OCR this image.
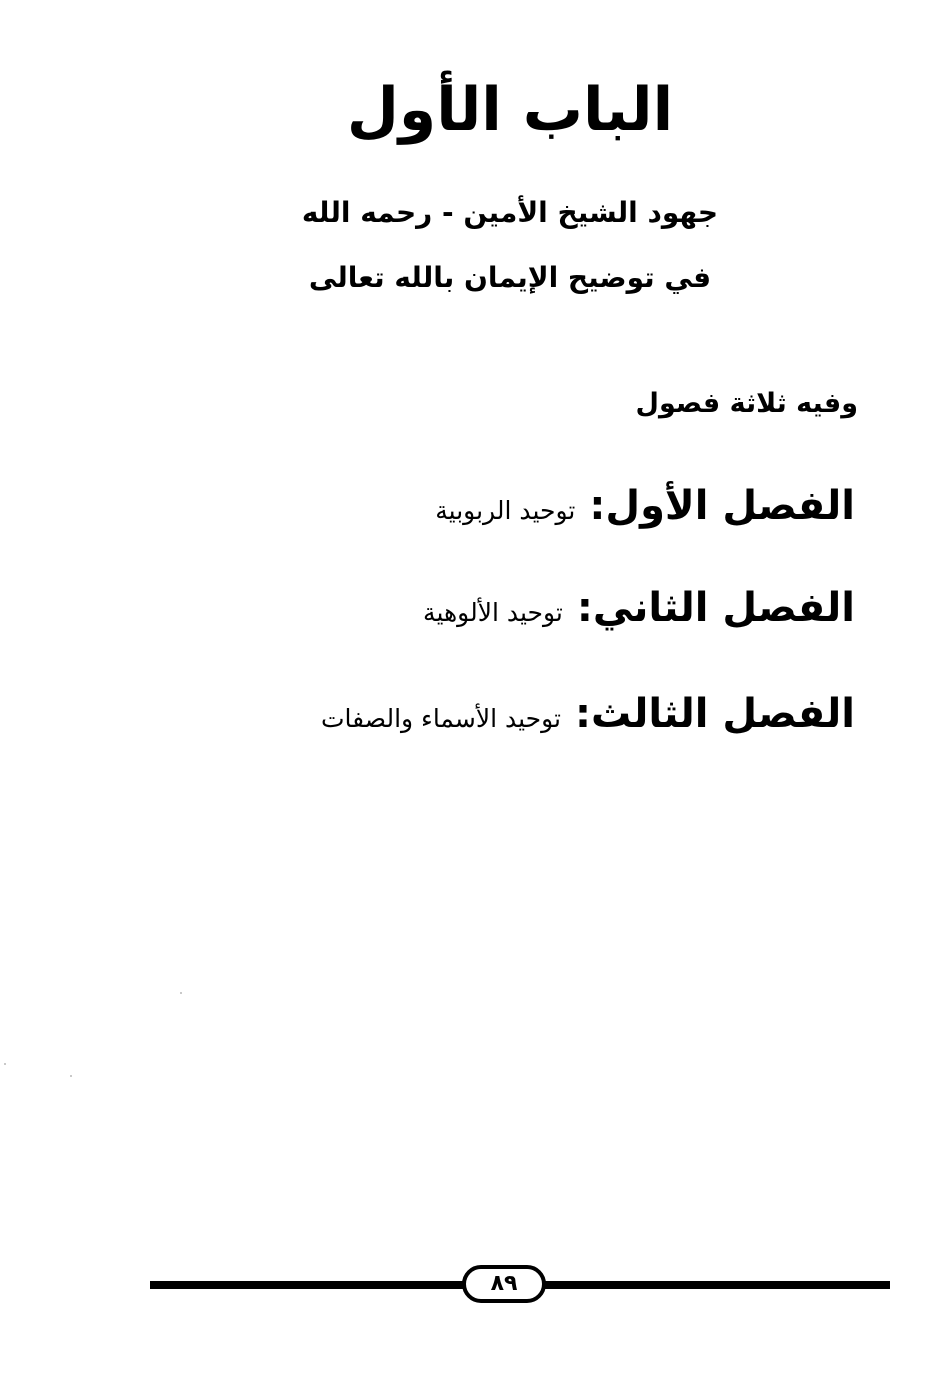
الباب الأول
جهود الشيخ الأمين - رحمه الله
في توضيح الإيمان بالله تعالى
وفيه ثلاثة فصول
الفصل الأول:توحيد الربوبية
الفصل الثاني:توحيد الألوهية
الفصل الثالث:توحيد الأسماء والصفات
٨٩
